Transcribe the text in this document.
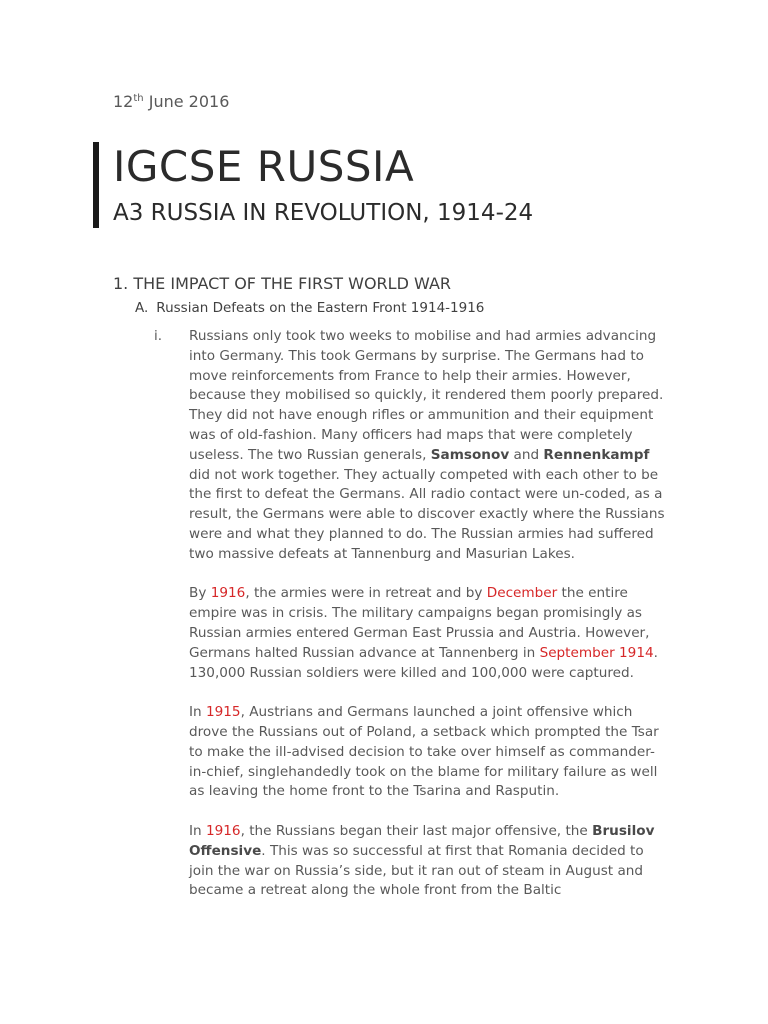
12th June 2016
IGCSE RUSSIA
A3 RUSSIA IN REVOLUTION, 1914-24
1. THE IMPACT OF THE FIRST WORLD WAR
A. Russian Defeats on the Eastern Front 1914-1916
i. Russians only took two weeks to mobilise and had armies advancing into Germany. This took Germans by surprise. The Germans had to move reinforcements from France to help their armies. However, because they mobilised so quickly, it rendered them poorly prepared. They did not have enough rifles or ammunition and their equipment was of old-fashion. Many officers had maps that were completely useless. The two Russian generals, Samsonov and Rennenkampf did not work together. They actually competed with each other to be the first to defeat the Germans. All radio contact were un-coded, as a result, the Germans were able to discover exactly where the Russians were and what they planned to do. The Russian armies had suffered two massive defeats at Tannenburg and Masurian Lakes.

By 1916, the armies were in retreat and by December the entire empire was in crisis. The military campaigns began promisingly as Russian armies entered German East Prussia and Austria. However, Germans halted Russian advance at Tannenberg in September 1914. 130,000 Russian soldiers were killed and 100,000 were captured.

In 1915, Austrians and Germans launched a joint offensive which drove the Russians out of Poland, a setback which prompted the Tsar to make the ill-advised decision to take over himself as commander-in-chief, singlehandedly took on the blame for military failure as well as leaving the home front to the Tsarina and Rasputin.

In 1916, the Russians began their last major offensive, the Brusilov Offensive. This was so successful at first that Romania decided to join the war on Russia’s side, but it ran out of steam in August and became a retreat along the whole front from the Baltic
